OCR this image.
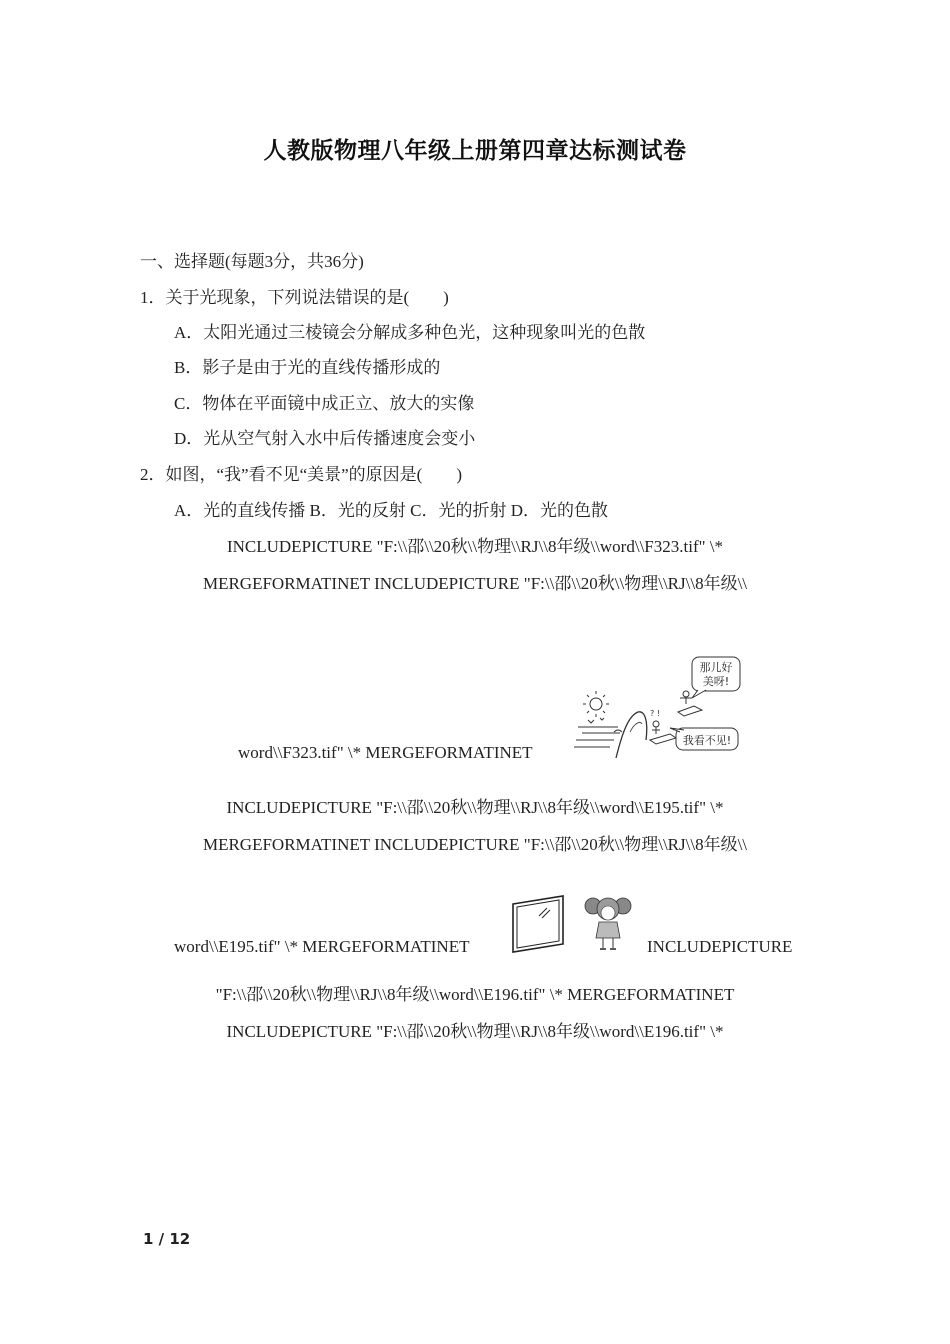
人教版物理八年级上册第四章达标测试卷
一、选择题(每题3分，共36分)
1．关于光现象，下列说法错误的是(　　)
A．太阳光通过三棱镜会分解成多种色光，这种现象叫光的色散
B．影子是由于光的直线传播形成的
C．物体在平面镜中成正立、放大的实像
D．光从空气射入水中后传播速度会变小
2．如图，“我”看不见“美景”的原因是(　　)
A．光的直线传播 B．光的反射 C．光的折射 D．光的色散
INCLUDEPICTURE "F:\\邵\\20秋\\物理\\RJ\\8年级\\word\\F323.tif" \*
MERGEFORMATINET INCLUDEPICTURE "F:\\邵\\20秋\\物理\\RJ\\8年级\\
word\\F323.tif" \* MERGEFORMATINET
? !
那儿好
美呀!
我看不见!
INCLUDEPICTURE "F:\\邵\\20秋\\物理\\RJ\\8年级\\word\\E195.tif" \*
MERGEFORMATINET INCLUDEPICTURE "F:\\邵\\20秋\\物理\\RJ\\8年级\\
word\\E195.tif" \* MERGEFORMATINET	INCLUDEPICTURE
"F:\\邵\\20秋\\物理\\RJ\\8年级\\word\\E196.tif" \* MERGEFORMATINET
INCLUDEPICTURE "F:\\邵\\20秋\\物理\\RJ\\8年级\\word\\E196.tif" \*
1 / 12
